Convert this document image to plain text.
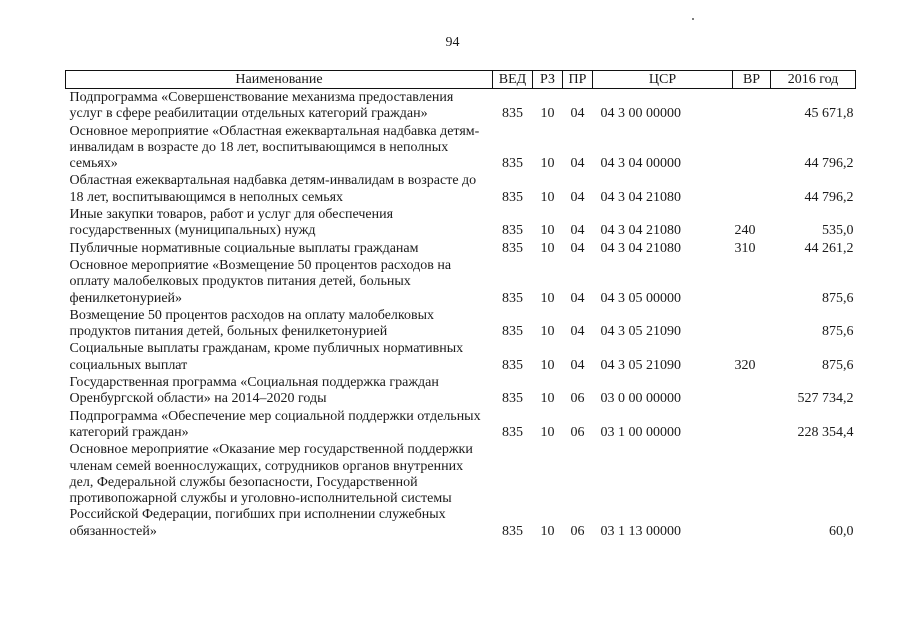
94
Наименование	ВЕД	РЗ	ПР	ЦСР	ВР	2016 год
Подпрограмма «Совершенствование механизма предоставления услуг в сфере реабилитации отдельных категорий граждан»	835	10	04	04 3 00 00000		45 671,8
Основное мероприятие «Областная ежеквартальная надбавка детям-инвалидам в возрасте до 18 лет, воспитывающимся в неполных семьях»	835	10	04	04 3 04 00000		44 796,2
Областная ежеквартальная надбавка детям-инвалидам в возрасте до 18 лет, воспитывающимся в неполных семьях	835	10	04	04 3 04 21080		44 796,2
Иные закупки товаров, работ и услуг для обеспечения государственных (муниципальных) нужд	835	10	04	04 3 04 21080	240	535,0
Публичные нормативные социальные выплаты гражданам	835	10	04	04 3 04 21080	310	44 261,2
Основное мероприятие «Возмещение 50 процентов расходов на оплату малобелковых продуктов питания детей, больных фенилкетонурией»	835	10	04	04 3 05 00000		875,6
Возмещение 50 процентов расходов на оплату малобелковых продуктов питания детей, больных фенилкетонурией	835	10	04	04 3 05 21090		875,6
Социальные выплаты гражданам, кроме публичных нормативных социальных выплат	835	10	04	04 3 05 21090	320	875,6
Государственная программа «Социальная поддержка граждан Оренбургской области» на 2014–2020 годы	835	10	06	03 0 00 00000		527 734,2
Подпрограмма «Обеспечение мер социальной поддержки отдельных категорий граждан»	835	10	06	03 1 00 00000		228 354,4
Основное мероприятие «Оказание мер государственной поддержки членам семей военнослужащих, сотрудников органов внутренних дел, Федеральной службы безопасности, Государственной противопожарной службы и уголовно-исполнительной системы Российской Федерации, погибших при исполнении служебных обязанностей»	835	10	06	03 1 13 00000		60,0
